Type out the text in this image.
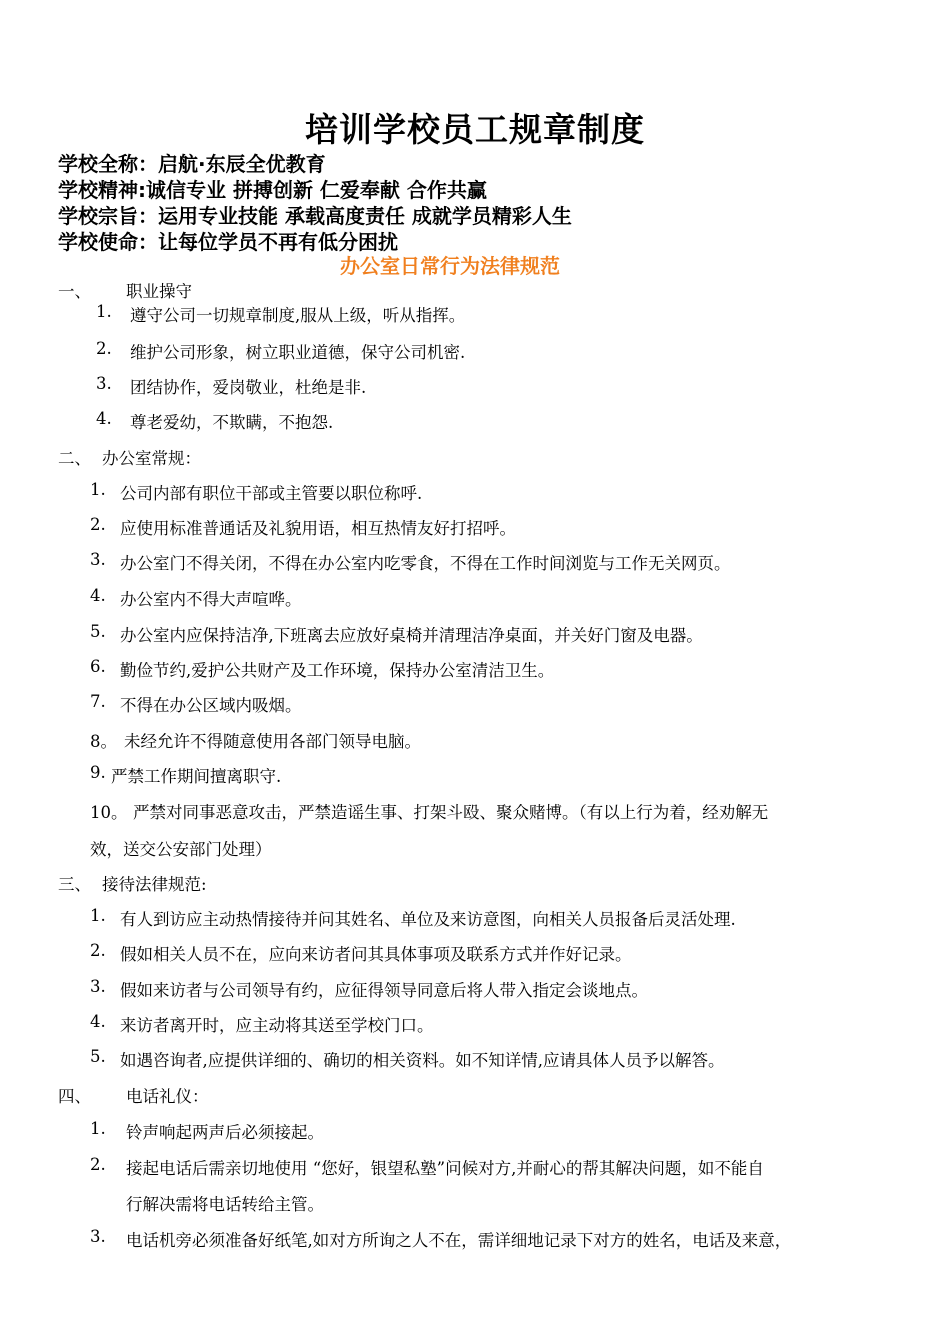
培训学校员工规章制度
学校全称：启航·东辰全优教育
学校精神:诚信专业 拼搏创新 仁爱奉献 合作共赢
学校宗旨：运用专业技能 承载高度责任 成就学员精彩人生
学校使命：让每位学员不再有低分困扰
办公室日常行为法律规范
一、 职业操守
1. 遵守公司一切规章制度,服从上级，听从指挥。
2. 维护公司形象，树立职业道德，保守公司机密.
3. 团结协作，爱岗敬业，杜绝是非.
4. 尊老爱幼，不欺瞒，不抱怨.
二、 办公室常规：
1. 公司内部有职位干部或主管要以职位称呼.
2. 应使用标准普通话及礼貌用语，相互热情友好打招呼。
3. 办公室门不得关闭，不得在办公室内吃零食，不得在工作时间浏览与工作无关网页。
4. 办公室内不得大声喧哗。
5. 办公室内应保持洁净,下班离去应放好桌椅并清理洁净桌面，并关好门窗及电器。
6. 勤俭节约,爱护公共财产及工作环境，保持办公室清洁卫生。
7. 不得在办公区域内吸烟。
8。 未经允许不得随意使用各部门领导电脑。
9. 严禁工作期间擅离职守.
10。 严禁对同事恶意攻击，严禁造谣生事、打架斗殴、聚众赌博。（有以上行为着，经劝解无
效，送交公安部门处理）
三、 接待法律规范:
1. 有人到访应主动热情接待并问其姓名、单位及来访意图，向相关人员报备后灵活处理.
2. 假如相关人员不在，应向来访者问其具体事项及联系方式并作好记录。
3. 假如来访者与公司领导有约，应征得领导同意后将人带入指定会谈地点。
4. 来访者离开时，应主动将其送至学校门口。
5. 如遇咨询者,应提供详细的、确切的相关资料。如不知详情,应请具体人员予以解答。
四、 电话礼仪：
1. 铃声响起两声后必须接起。
2. 接起电话后需亲切地使用 “您好，银望私塾”问候对方,并耐心的帮其解决问题，如不能自
行解决需将电话转给主管。
3. 电话机旁必须准备好纸笔,如对方所询之人不在，需详细地记录下对方的姓名，电话及来意，
